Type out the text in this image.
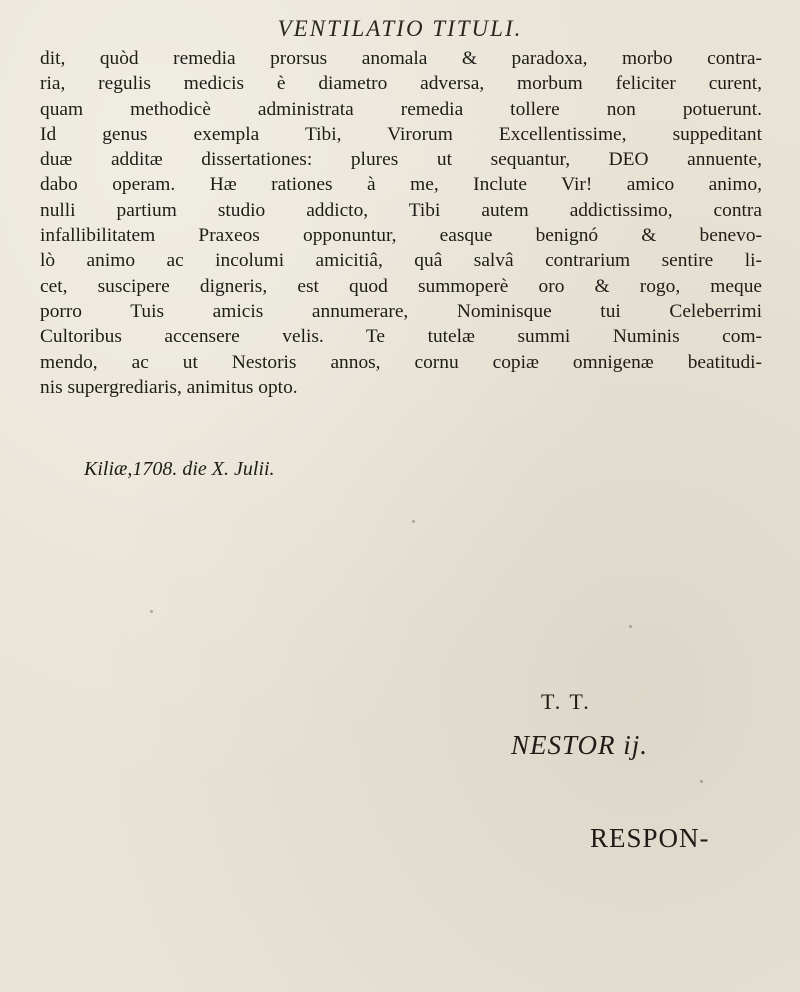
VENTILATIO TITULI.
dit, quòd remedia prorsus anomala & paradoxa, morbo contra-
ria, regulis medicis è diametro adversa, morbum feliciter curent,
quam methodicè administrata remedia tollere non potuerunt.
Id genus exempla Tibi, Virorum Excellentissime, suppeditant
duæ additæ dissertationes: plures ut sequantur, DEO annuente,
dabo operam. Hæ rationes à me, Inclute Vir! amico animo,
nulli partium studio addicto, Tibi autem addictissimo, contra
infallibilitatem Praxeos opponuntur, easque benignó & benevo-
lò animo ac incolumi amicitiâ, quâ salvâ contrarium sentire li-
cet, suscipere digneris, est quod summoperè oro & rogo, meque
porro Tuis amicis annumerare, Nominisque tui Celeberrimi
Cultoribus accensere velis. Te tutelæ summi Numinis com-
mendo, ac ut Nestoris annos, cornu copiæ omnigenæ beatitudi-
nis supergrediaris, animitus opto.
Kiliæ,1708. die X. Julii.
T. T.
NESTOR ij.
RESPON-
